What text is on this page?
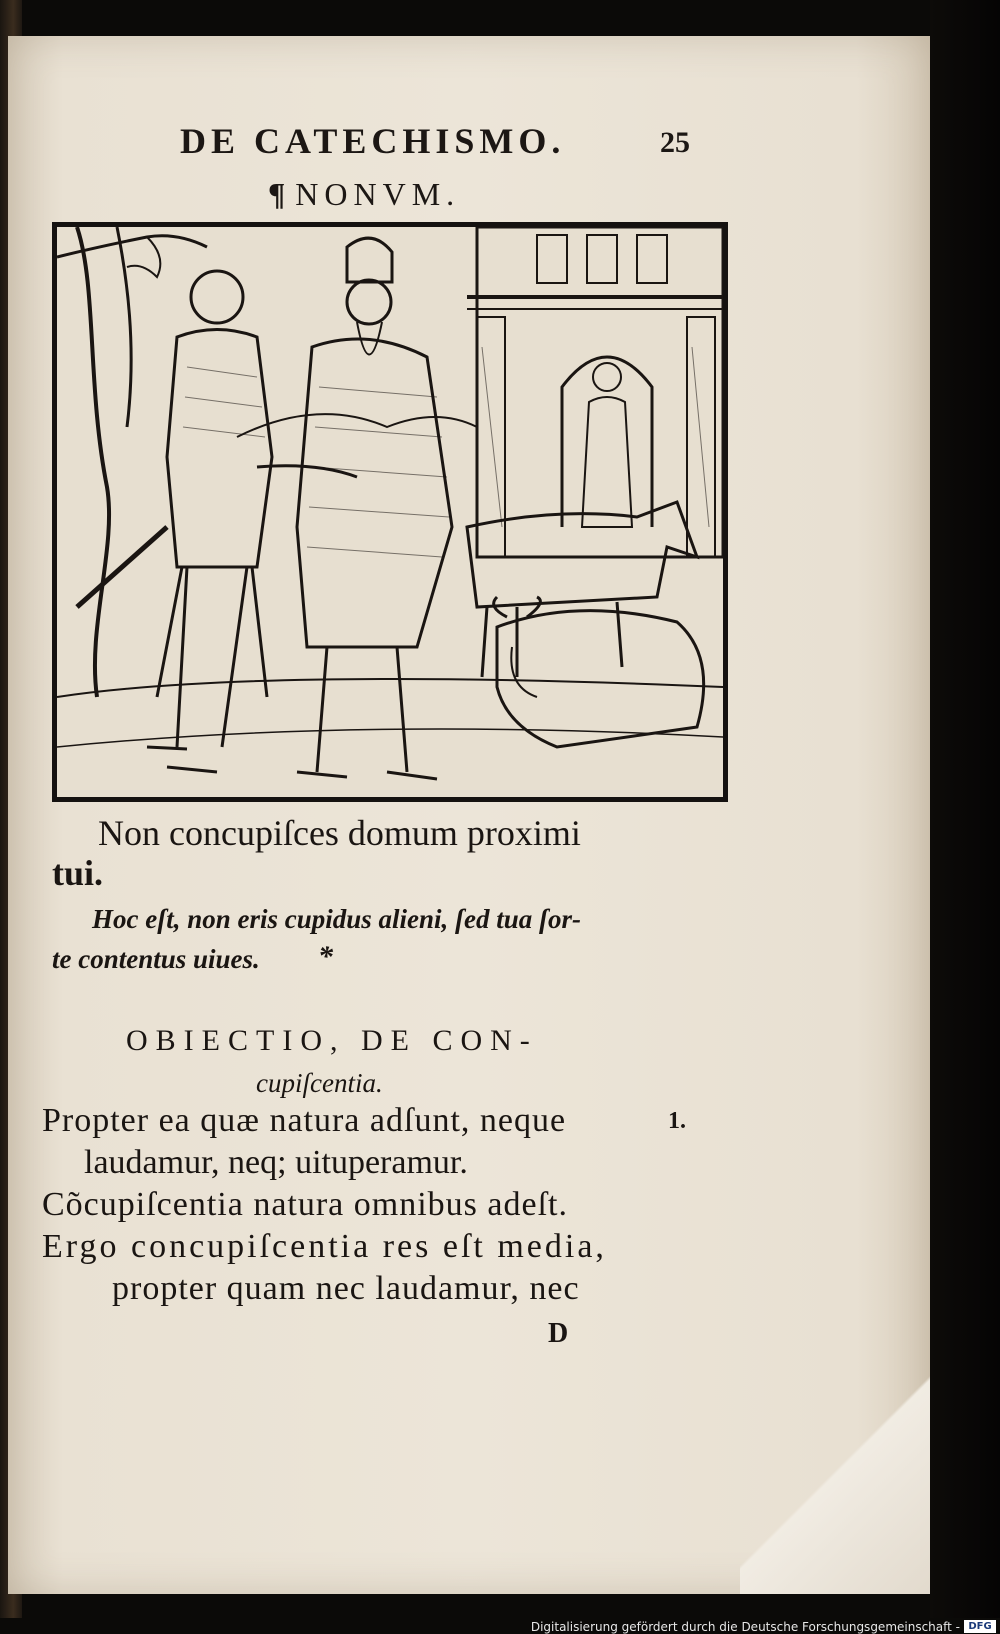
DE CATECHISMO.	25
¶ NONVM.
Non concupiſces domum proximi
tui.
Hoc eſt, non eris cupidus alieni, ſed tua ſor-
te contentus uiues. *
OBIECTIO, DE CON-
cupiſcentia.
Propter ea quæ natura adſunt, neque	1.
laudamur, neq; uituperamur.
Cõcupiſcentia natura omnibus adeſt.
Ergo concupiſcentia res eſt media,
propter quam nec laudamur, nec
D
Digitalisierung gefördert durch die Deutsche Forschungsgemeinschaft - DFG
